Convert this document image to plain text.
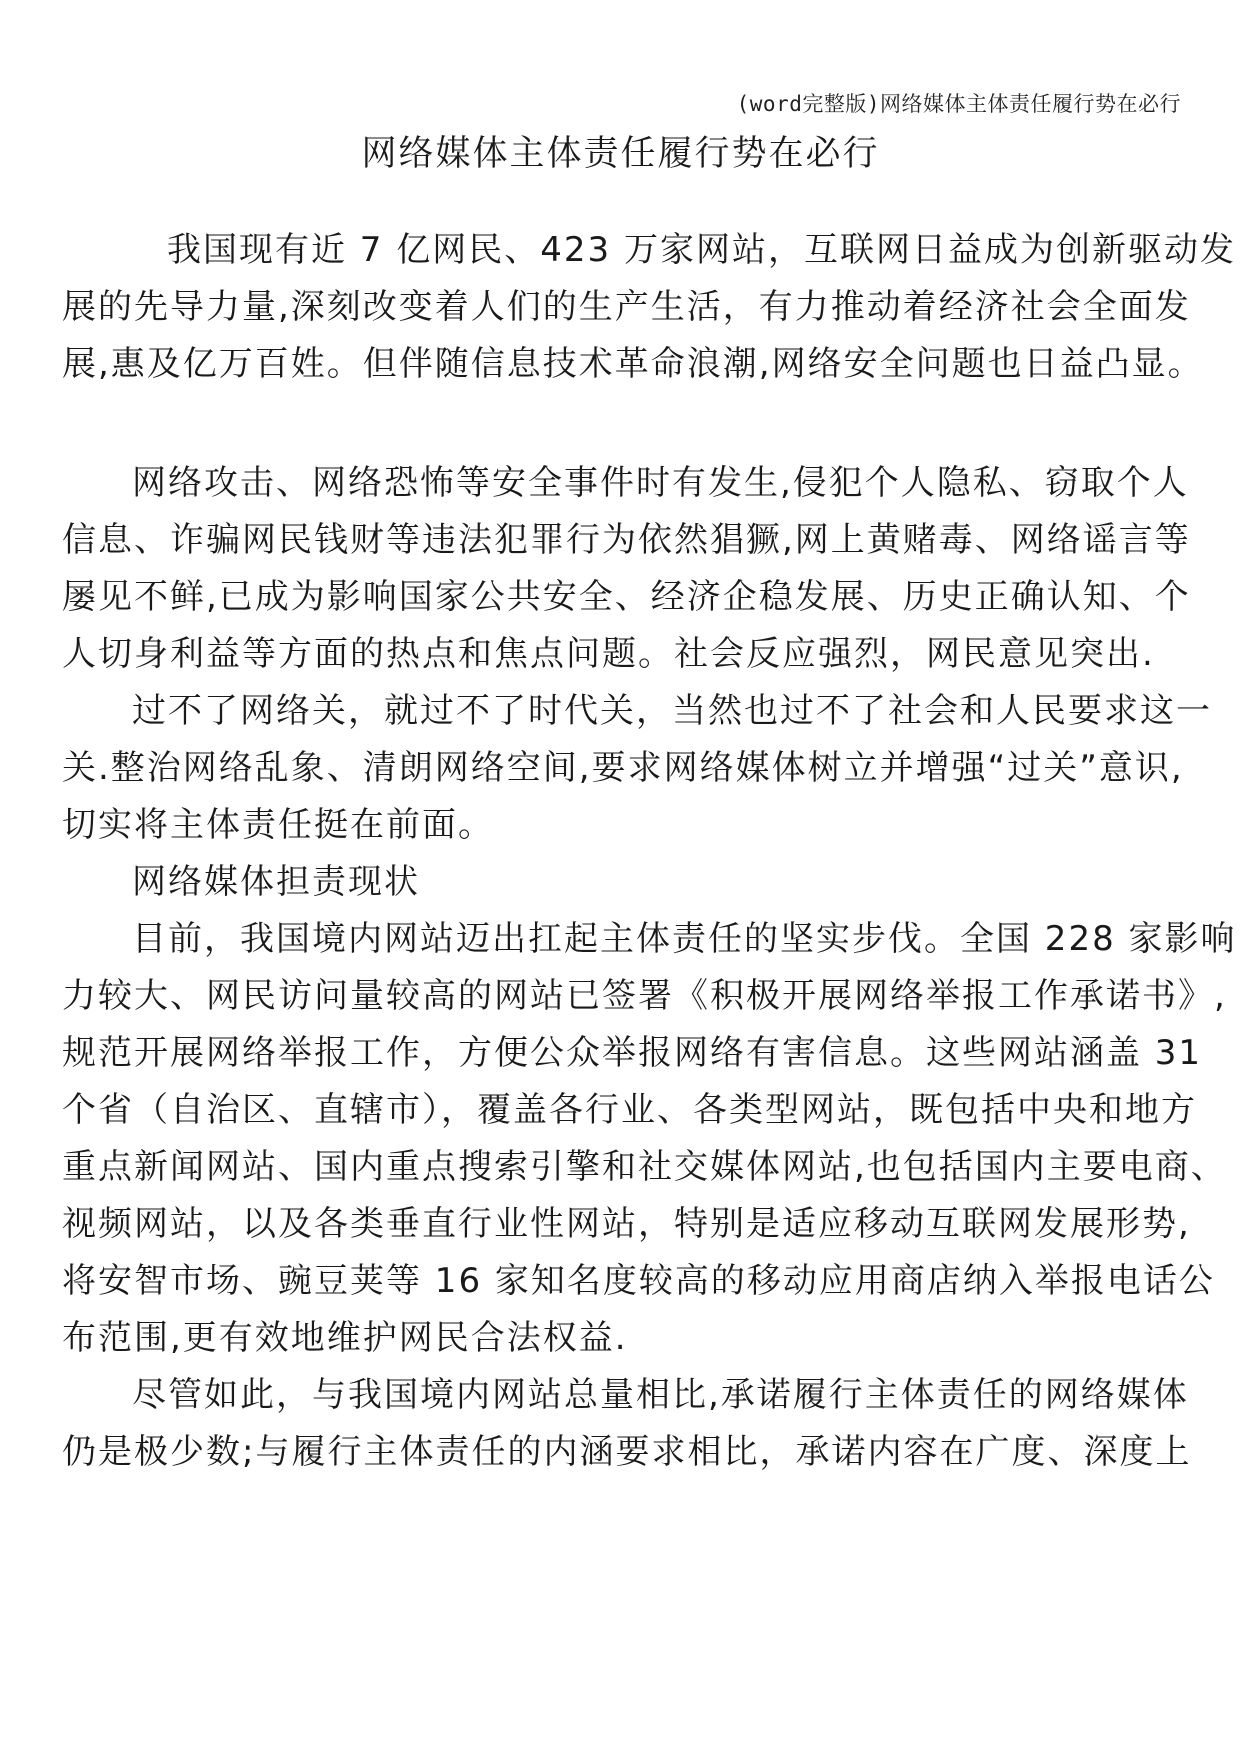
(word完整版)网络媒体主体责任履行势在必行
网络媒体主体责任履行势在必行
我国现有近 7 亿网民、423 万家网站，互联网日益成为创新驱动发
展的先导力量,深刻改变着人们的生产生活，有力推动着经济社会全面发
展,惠及亿万百姓。但伴随信息技术革命浪潮,网络安全问题也日益凸显。
网络攻击、网络恐怖等安全事件时有发生,侵犯个人隐私、窃取个人
信息、诈骗网民钱财等违法犯罪行为依然猖獗,网上黄赌毒、网络谣言等
屡见不鲜,已成为影响国家公共安全、经济企稳发展、历史正确认知、个
人切身利益等方面的热点和焦点问题。社会反应强烈，网民意见突出.
过不了网络关，就过不了时代关，当然也过不了社会和人民要求这一
关.整治网络乱象、清朗网络空间,要求网络媒体树立并增强“过关”意识,
切实将主体责任挺在前面。
网络媒体担责现状
目前，我国境内网站迈出扛起主体责任的坚实步伐。全国 228 家影响
力较大、网民访问量较高的网站已签署《积极开展网络举报工作承诺书》,
规范开展网络举报工作，方便公众举报网络有害信息。这些网站涵盖 31
个省（自治区、直辖市），覆盖各行业、各类型网站，既包括中央和地方
重点新闻网站、国内重点搜索引擎和社交媒体网站,也包括国内主要电商、
视频网站，以及各类垂直行业性网站，特别是适应移动互联网发展形势,
将安智市场、豌豆荚等 16 家知名度较高的移动应用商店纳入举报电话公
布范围,更有效地维护网民合法权益.
尽管如此，与我国境内网站总量相比,承诺履行主体责任的网络媒体
仍是极少数;与履行主体责任的内涵要求相比，承诺内容在广度、深度上
